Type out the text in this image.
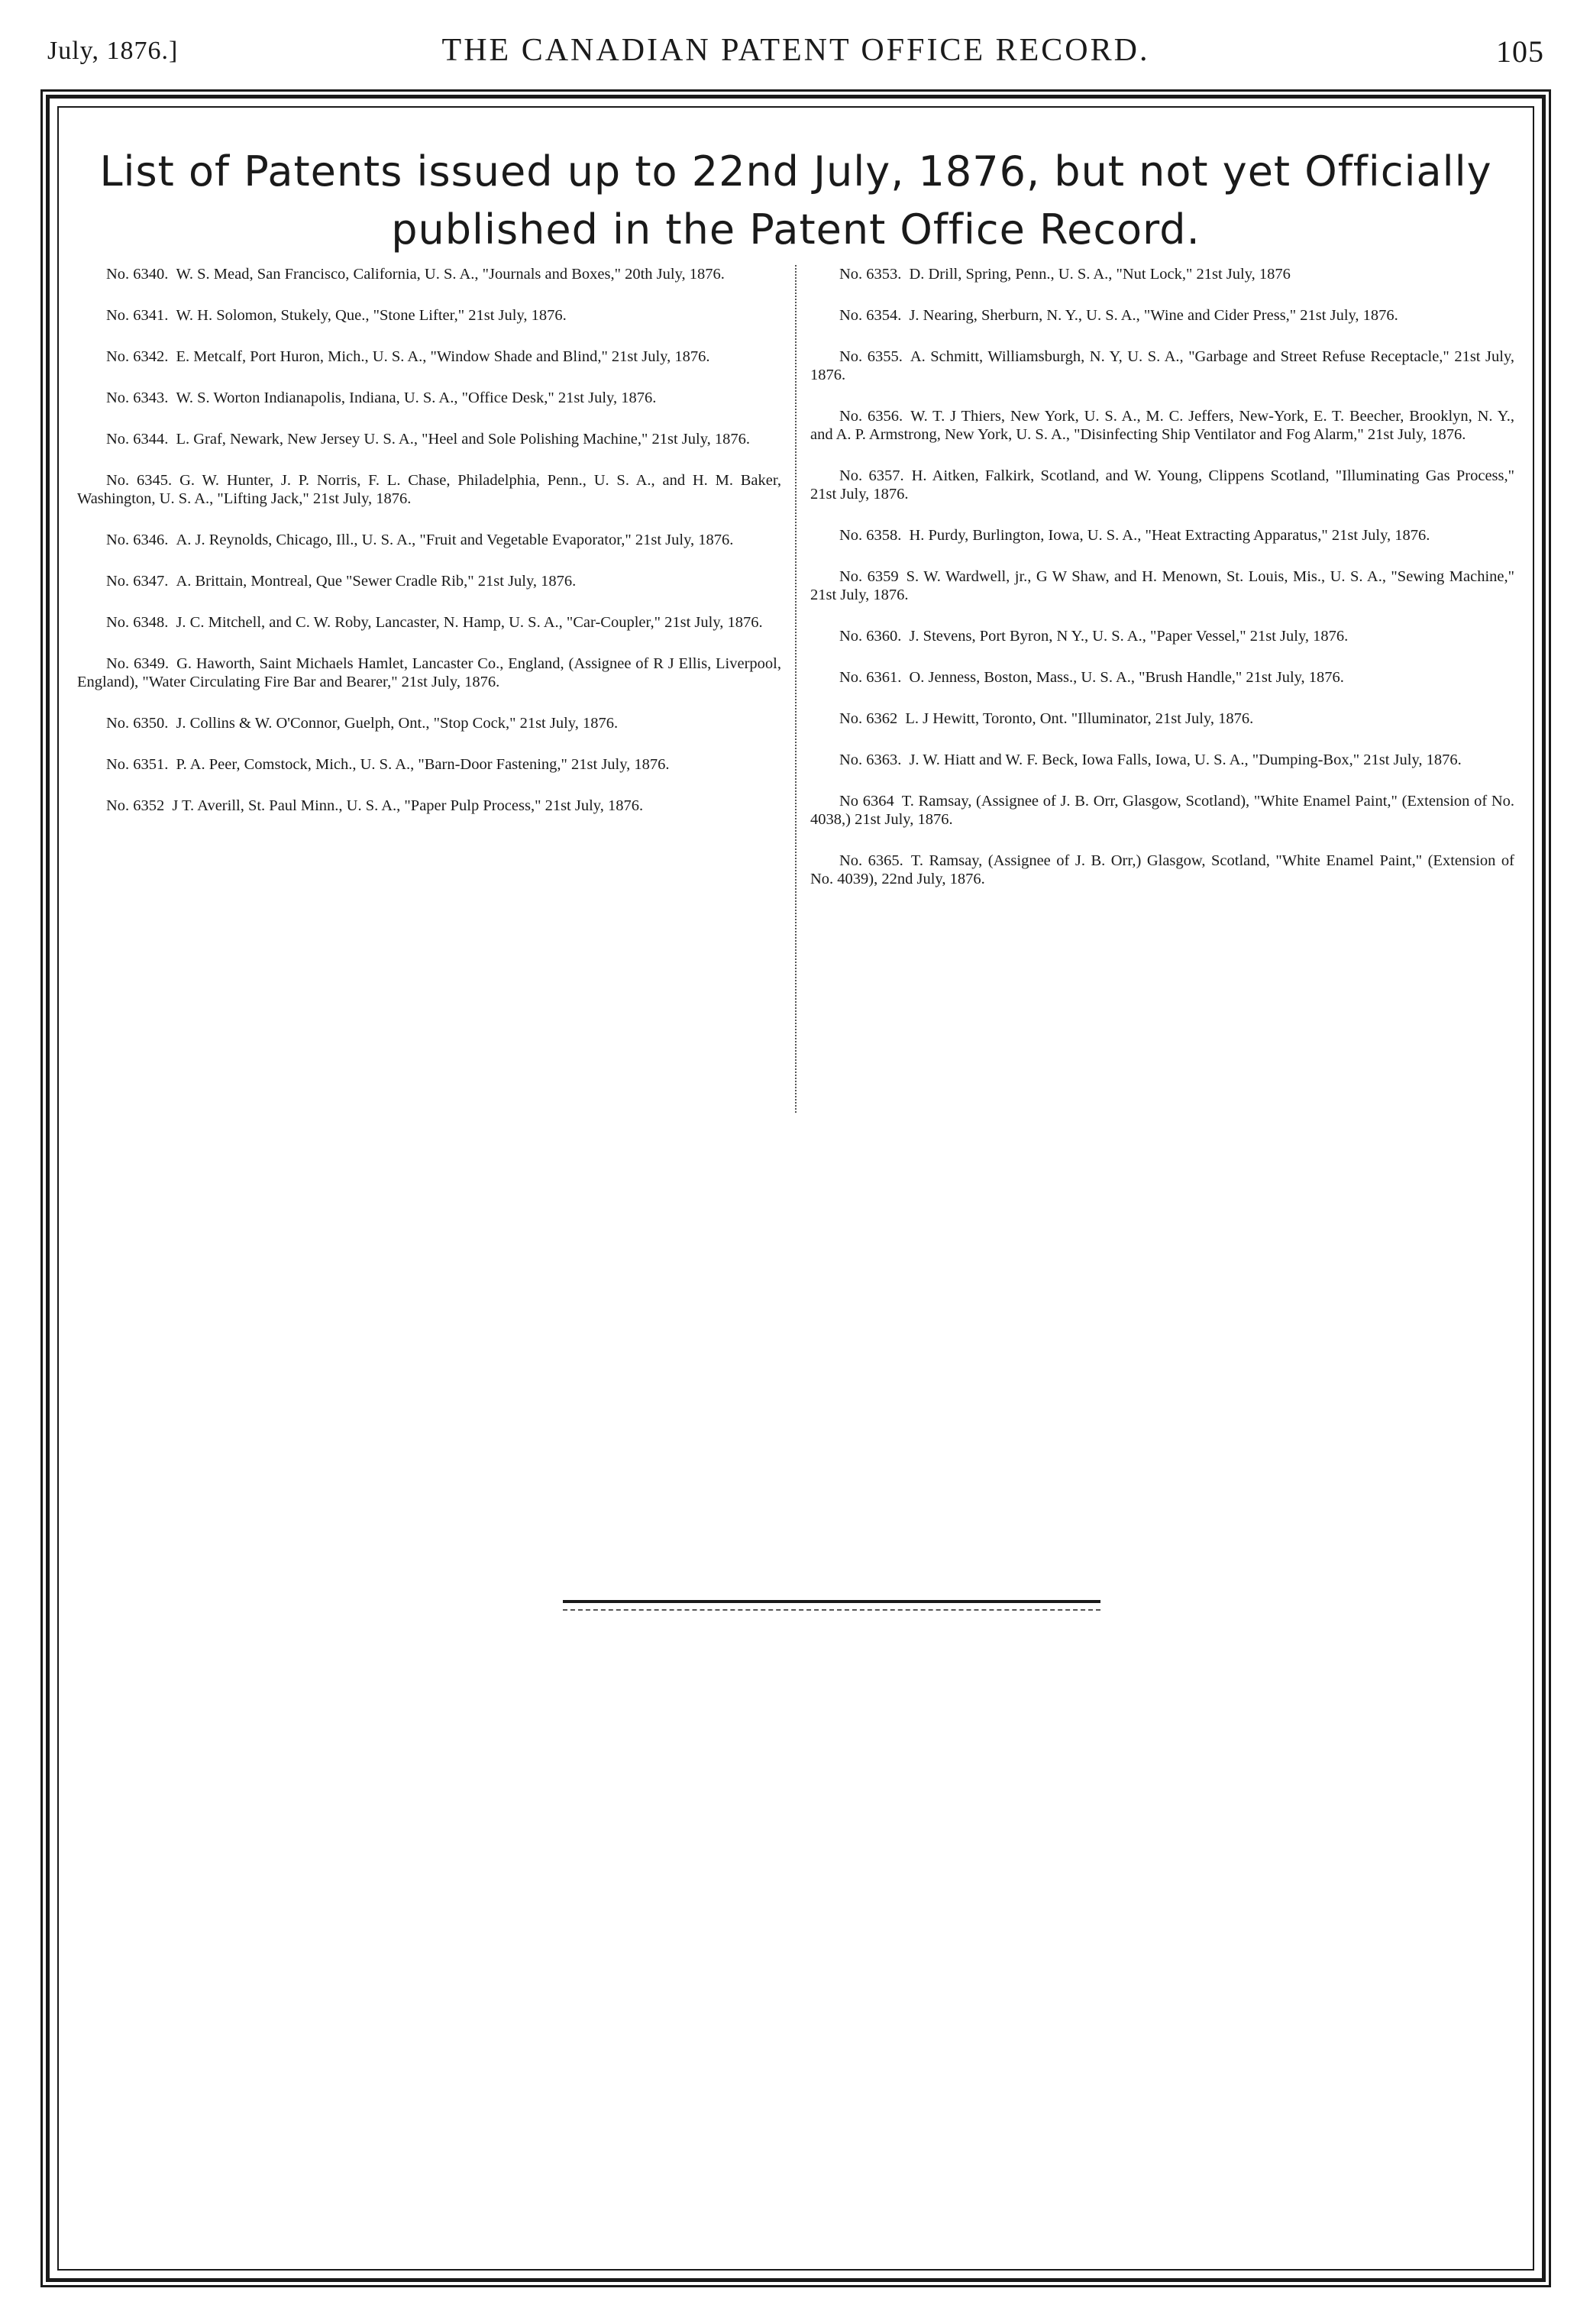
July, 1876.]	THE CANADIAN PATENT OFFICE RECORD.	105
List of Patents issued up to 22nd July, 1876, but not yet Officially published in the Patent Office Record.

No. 6340. W. S. Mead, San Francisco, California, U. S. A., "Journals and Boxes," 20th July, 1876.

No. 6341. W. H. Solomon, Stukely, Que., "Stone Lifter," 21st July, 1876.

No. 6342. E. Metcalf, Port Huron, Mich., U. S. A., "Window Shade and Blind," 21st July, 1876.

No. 6343. W. S. Worton Indianapolis, Indiana, U. S. A., "Office Desk," 21st July, 1876.

No. 6344. L. Graf, Newark, New Jersey U. S. A., "Heel and Sole Polishing Machine," 21st July, 1876.

No. 6345. G. W. Hunter, J. P. Norris, F. L. Chase, Philadelphia, Penn., U. S. A., and H. M. Baker, Washington, U. S. A., "Lifting Jack," 21st July, 1876.

No. 6346. A. J. Reynolds, Chicago, Ill., U. S. A., "Fruit and Vegetable Evaporator," 21st July, 1876.

No. 6347. A. Brittain, Montreal, Que "Sewer Cradle Rib," 21st July, 1876.

No. 6348. J. C. Mitchell, and C. W. Roby, Lancaster, N. Hamp, U. S. A., "Car-Coupler," 21st July, 1876.

No. 6349. G. Haworth, Saint Michaels Hamlet, Lancaster Co., England, (Assignee of R J Ellis, Liverpool, England), "Water Circulating Fire Bar and Bearer," 21st July, 1876.

No. 6350. J. Collins & W. O'Connor, Guelph, Ont., "Stop Cock," 21st July, 1876.

No. 6351. P. A. Peer, Comstock, Mich., U. S. A., "Barn-Door Fastening," 21st July, 1876.

No. 6352 J T. Averill, St. Paul Minn., U. S. A., "Paper Pulp Process," 21st July, 1876.

No. 6353. D. Drill, Spring, Penn., U. S. A., "Nut Lock," 21st July, 1876

No. 6354. J. Nearing, Sherburn, N. Y., U. S. A., "Wine and Cider Press," 21st July, 1876.

No. 6355. A. Schmitt, Williamsburgh, N. Y, U. S. A., "Garbage and Street Refuse Receptacle," 21st July, 1876.

No. 6356. W. T. J Thiers, New York, U. S. A., M. C. Jeffers, New-York, E. T. Beecher, Brooklyn, N. Y., and A. P. Armstrong, New York, U. S. A., "Disinfecting Ship Ventilator and Fog Alarm," 21st July, 1876.

No. 6357. H. Aitken, Falkirk, Scotland, and W. Young, Clippens Scotland, "Illuminating Gas Process," 21st July, 1876.

No. 6358. H. Purdy, Burlington, Iowa, U. S. A., "Heat Extracting Apparatus," 21st July, 1876.

No. 6359 S. W. Wardwell, jr., G W Shaw, and H. Menown, St. Louis, Mis., U. S. A., "Sewing Machine," 21st July, 1876.

No. 6360. J. Stevens, Port Byron, N Y., U. S. A., "Paper Vessel," 21st July, 1876.

No. 6361. O. Jenness, Boston, Mass., U. S. A., "Brush Handle," 21st July, 1876.

No. 6362 L. J Hewitt, Toronto, Ont. "Illuminator, 21st July, 1876.

No. 6363. J. W. Hiatt and W. F. Beck, Iowa Falls, Iowa, U. S. A., "Dumping-Box," 21st July, 1876.

No 6364 T. Ramsay, (Assignee of J. B. Orr, Glasgow, Scotland), "White Enamel Paint," (Extension of No. 4038,) 21st July, 1876.

No. 6365. T. Ramsay, (Assignee of J. B. Orr,) Glasgow, Scotland, "White Enamel Paint," (Extension of No. 4039), 22nd July, 1876.
